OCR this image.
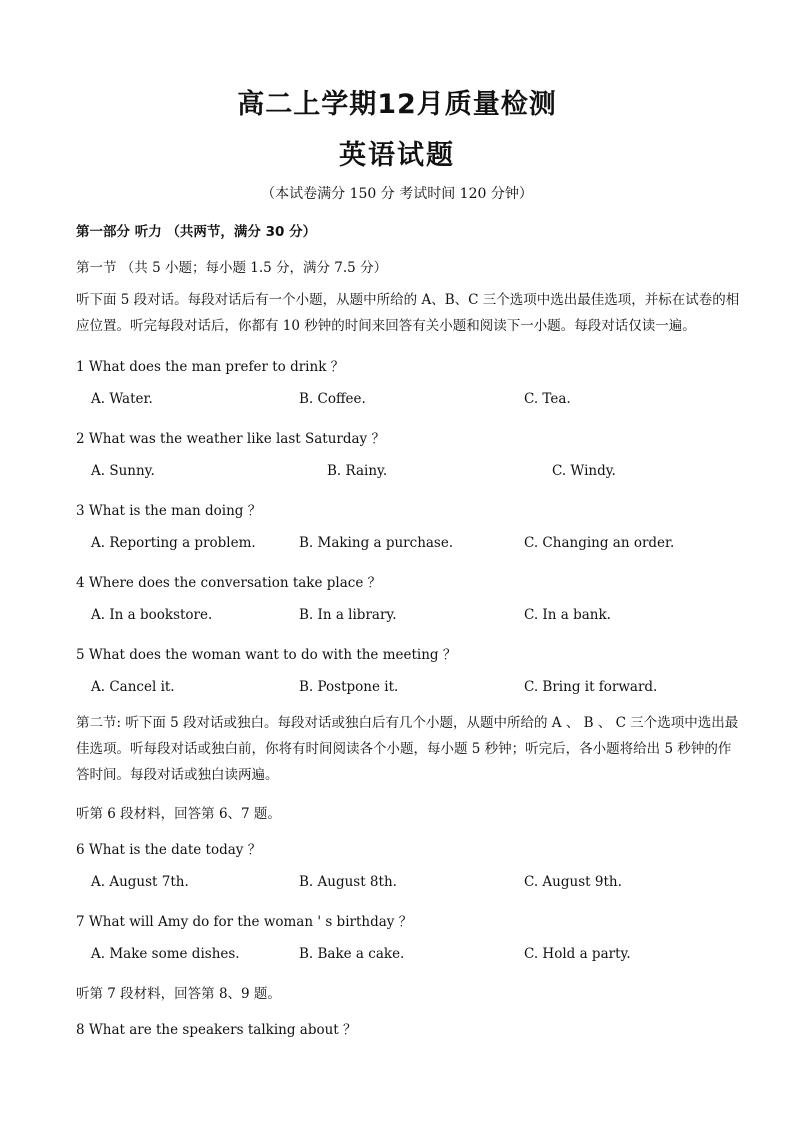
高二上学期12月质量检测
英语试题
（本试卷满分 150 分 考试时间 120 分钟）
第一部分 听力 （共两节，满分 30 分）
第一节 （共 5 小题；每小题 1.5 分，满分 7.5 分）
听下面 5 段对话。每段对话后有一个小题，从题中所给的 A、B、C 三个选项中选出最佳选项，并标在试卷的相应位置。听完每段对话后，你都有 10 秒钟的时间来回答有关小题和阅读下一小题。每段对话仅读一遍。
1 What does the man prefer to drink ？
A. Water.	B. Coffee.	C. Tea.
2 What was the weather like last Saturday ？
A. Sunny.	B. Rainy.	C. Windy.
3 What is the man doing ？
A. Reporting a problem.	B. Making a purchase.	C. Changing an order.
4 Where does the conversation take place ？
A. In a bookstore.	B. In a library.	C. In a bank.
5 What does the woman want to do with the meeting ？
A. Cancel it.	B. Postpone it.	C. Bring it forward.
第二节: 听下面 5 段对话或独白。每段对话或独白后有几个小题，从题中所给的 A 、 B 、 C 三个选项中选出最佳选项。听每段对话或独白前，你将有时间阅读各个小题，每小题 5 秒钟；听完后，各小题将给出 5 秒钟的作答时间。每段对话或独白读两遍。
听第 6 段材料，回答第 6、7 题。
6 What is the date today ？
A. August 7th.	B. August 8th.	C. August 9th.
7 What will Amy do for the woman ' s birthday ？
A. Make some dishes.	B. Bake a cake.	C. Hold a party.
听第 7 段材料，回答第 8、9 题。
8 What are the speakers talking about ？
